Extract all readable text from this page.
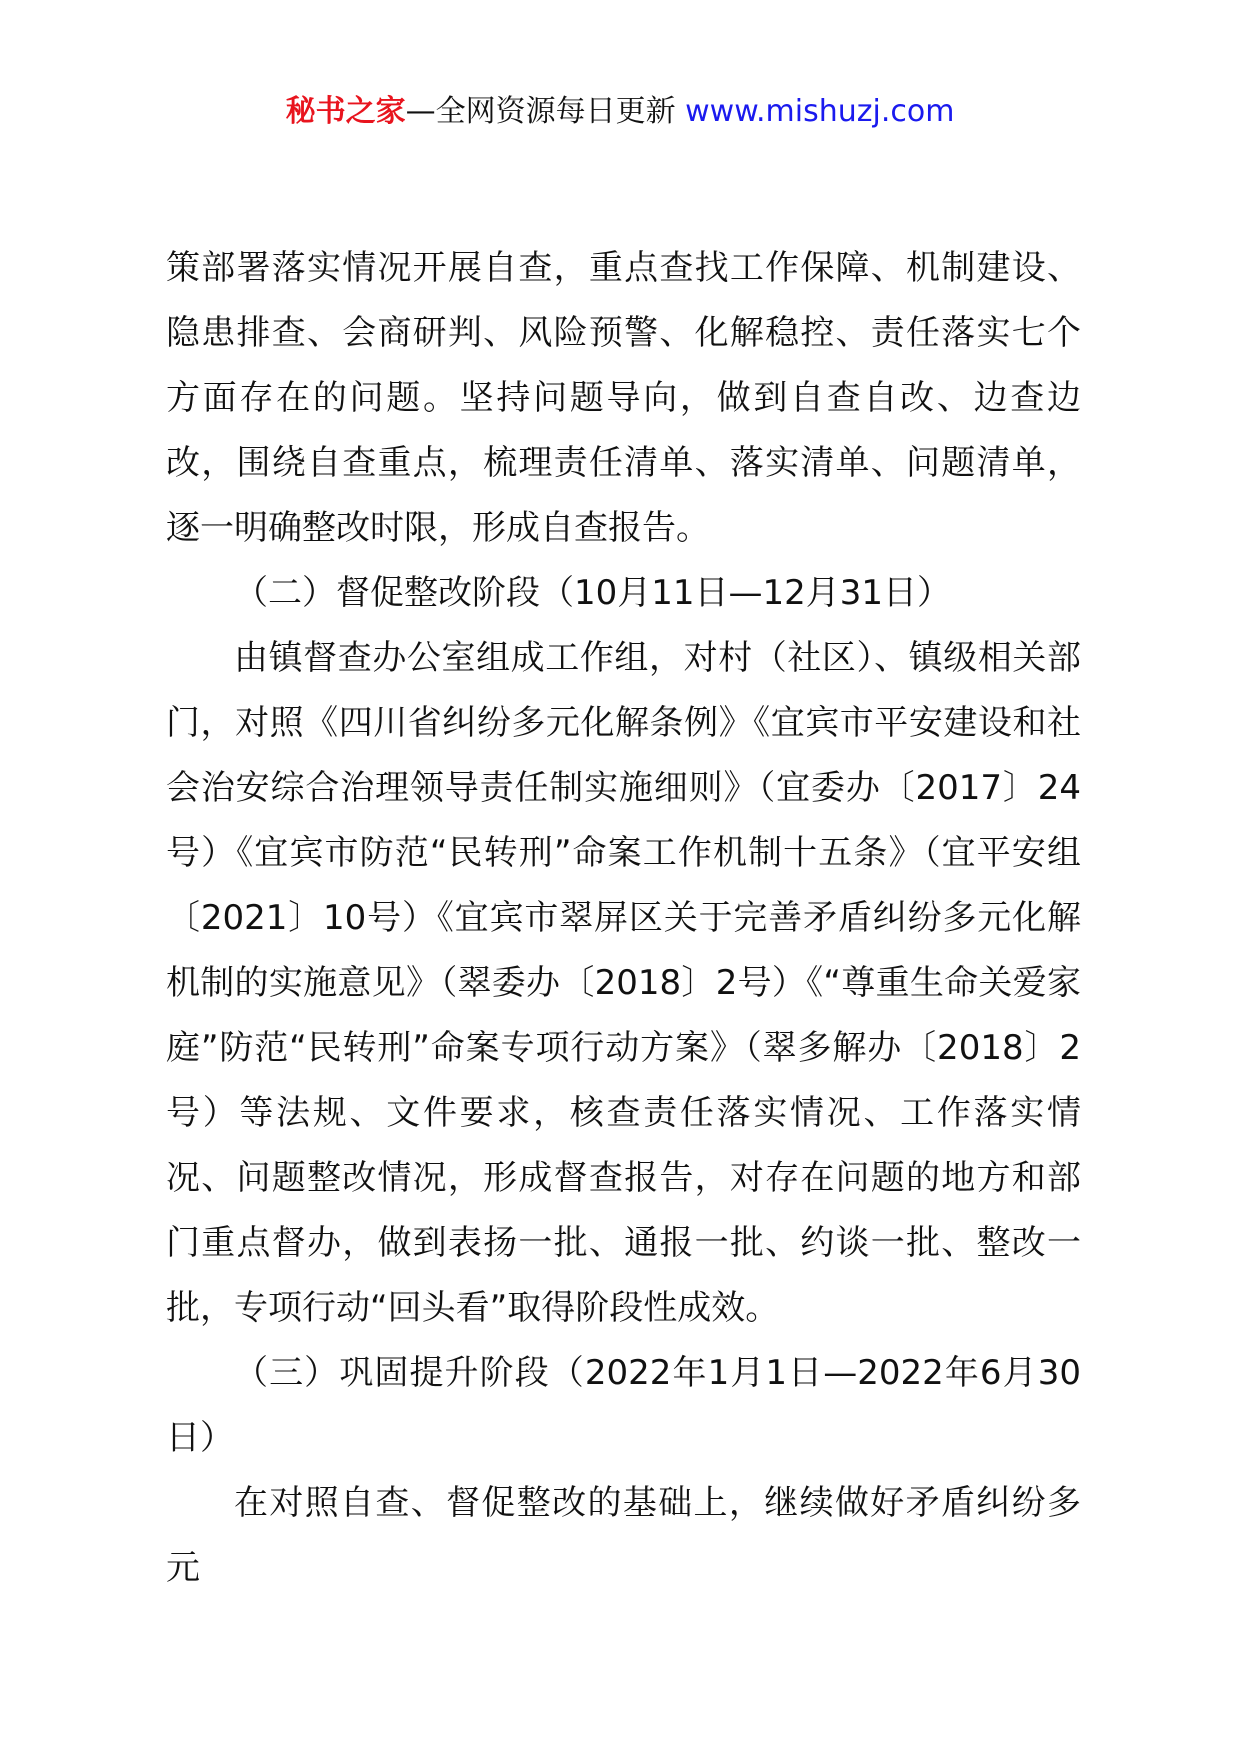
秘书之家—全网资源每日更新 www.mishuzj.com

策部署落实情况开展自查，重点查找工作保障、机制建设、隐患排查、会商研判、风险预警、化解稳控、责任落实七个方面存在的问题。坚持问题导向，做到自查自改、边查边改，围绕自查重点，梳理责任清单、落实清单、问题清单，逐一明确整改时限，形成自查报告。

（二）督促整改阶段（10月11日—12月31日）

由镇督查办公室组成工作组，对村（社区）、镇级相关部门，对照《四川省纠纷多元化解条例》《宜宾市平安建设和社会治安综合治理领导责任制实施细则》（宜委办〔2017〕24号）《宜宾市防范“民转刑”命案工作机制十五条》（宜平安组〔2021〕10号）《宜宾市翠屏区关于完善矛盾纠纷多元化解机制的实施意见》（翠委办〔2018〕2号）《“尊重生命关爱家庭”防范“民转刑”命案专项行动方案》（翠多解办〔2018〕2号）等法规、文件要求，核查责任落实情况、工作落实情况、问题整改情况，形成督查报告，对存在问题的地方和部门重点督办，做到表扬一批、通报一批、约谈一批、整改一批，专项行动“回头看”取得阶段性成效。

（三）巩固提升阶段（2022年1月1日—2022年6月30日）

在对照自查、督促整改的基础上，继续做好矛盾纠纷多元
